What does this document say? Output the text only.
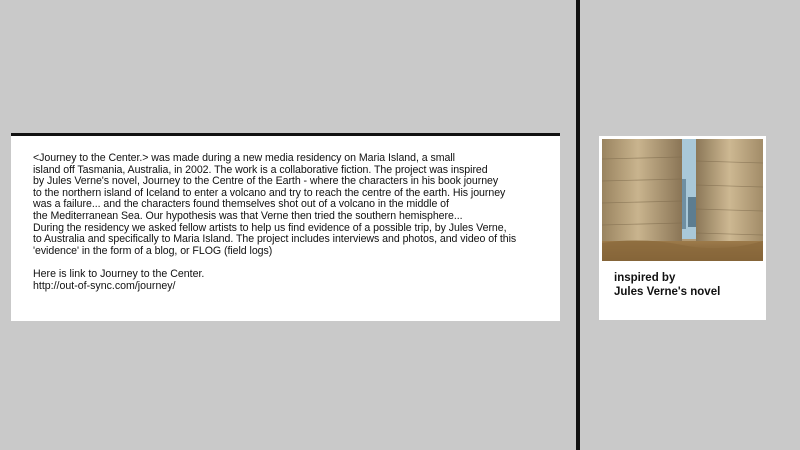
<Journey to the Center.> was made during a new media residency on Maria Island, a small
island off Tasmania, Australia, in 2002. The work is a collaborative fiction. The project was inspired
by Jules Verne's novel, Journey to the Centre of the Earth - where the characters in his book journey
to the northern island of Iceland to enter a volcano and try to reach the centre of the earth. His journey
was a failure... and the characters found themselves shot out of a volcano in the middle of
the Mediterranean Sea. Our hypothesis was that Verne then tried the southern hemisphere...
During the residency we asked fellow artists to help us find evidence of a possible trip, by Jules Verne,
to Australia and specifically to Maria Island. The project includes interviews and photos, and video of this
'evidence' in the form of a blog, or FLOG (field logs)

Here is link to Journey to the Center.
http://out-of-sync.com/journey/
inspired by
Jules Verne's novel
